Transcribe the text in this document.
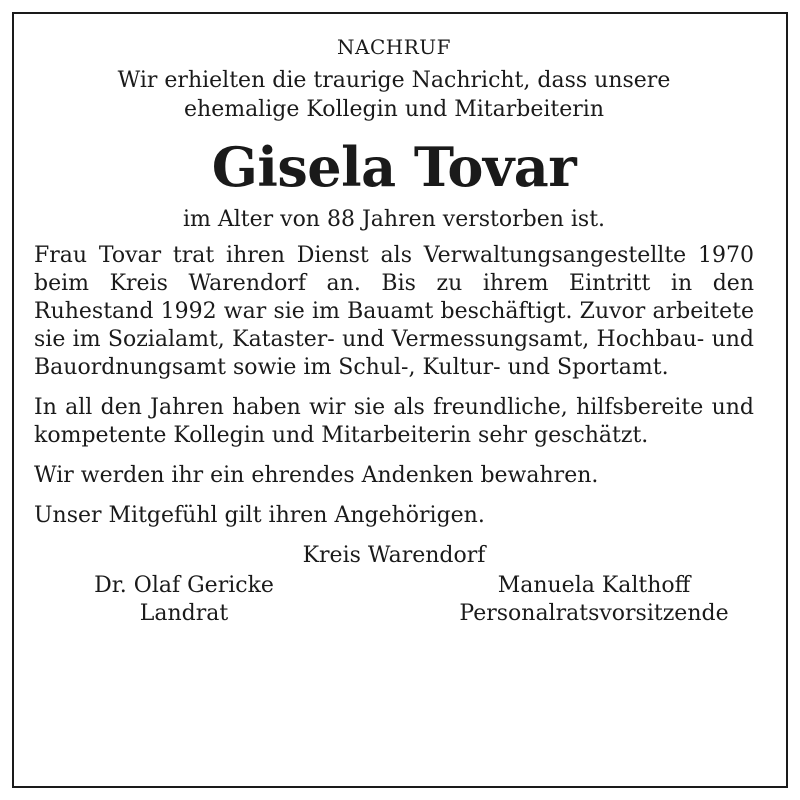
NACHRUF
Wir erhielten die traurige Nachricht, dass unsere
ehemalige Kollegin und Mitarbeiterin
Gisela Tovar
im Alter von 88 Jahren verstorben ist.
Frau Tovar trat ihren Dienst als Verwaltungsangestellte 1970 beim Kreis Warendorf an. Bis zu ihrem Eintritt in den Ruhestand 1992 war sie im Bauamt beschäftigt. Zuvor arbeitete sie im Sozialamt, Kataster- und Vermessungsamt, Hochbau- und Bauordnungsamt sowie im Schul-, Kultur- und Sportamt.
In all den Jahren haben wir sie als freundliche, hilfsbereite und kompetente Kollegin und Mitarbeiterin sehr geschätzt.
Wir werden ihr ein ehrendes Andenken bewahren.
Unser Mitgefühl gilt ihren Angehörigen.
Kreis Warendorf
Dr. Olaf Gericke
Landrat
Manuela Kalthoff
Personalratsvorsitzende
